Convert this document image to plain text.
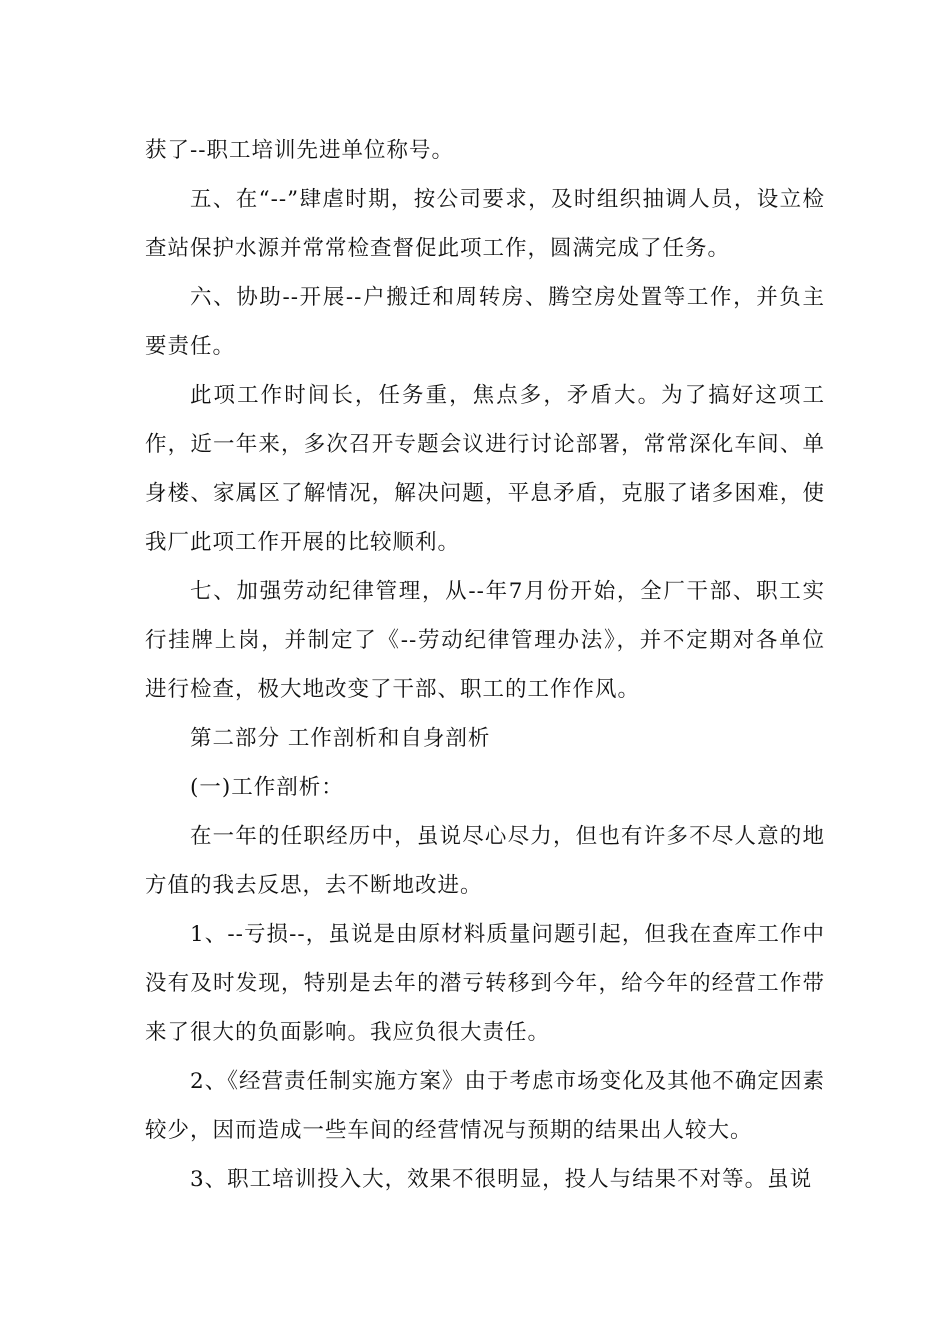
获了--职工培训先进单位称号。

五、在“--”肆虐时期，按公司要求，及时组织抽调人员，设立检查站保护水源并常常检查督促此项工作，圆满完成了任务。

六、协助--开展--户搬迁和周转房、腾空房处置等工作，并负主要责任。

此项工作时间长，任务重，焦点多，矛盾大。为了搞好这项工作，近一年来，多次召开专题会议进行讨论部署，常常深化车间、单身楼、家属区了解情况，解决问题，平息矛盾，克服了诸多困难，使我厂此项工作开展的比较顺利。

七、加强劳动纪律管理，从--年7月份开始，全厂干部、职工实行挂牌上岗，并制定了《--劳动纪律管理办法》，并不定期对各单位进行检查，极大地改变了干部、职工的工作作风。

第二部分 工作剖析和自身剖析

(一)工作剖析：

在一年的任职经历中，虽说尽心尽力，但也有许多不尽人意的地方值的我去反思，去不断地改进。

1、--亏损--，虽说是由原材料质量问题引起，但我在查库工作中没有及时发现，特别是去年的潜亏转移到今年，给今年的经营工作带来了很大的负面影响。我应负很大责任。

2、《经营责任制实施方案》由于考虑市场变化及其他不确定因素较少，因而造成一些车间的经营情况与预期的结果出人较大。

3、职工培训投入大，效果不很明显，投人与结果不对等。虽说
